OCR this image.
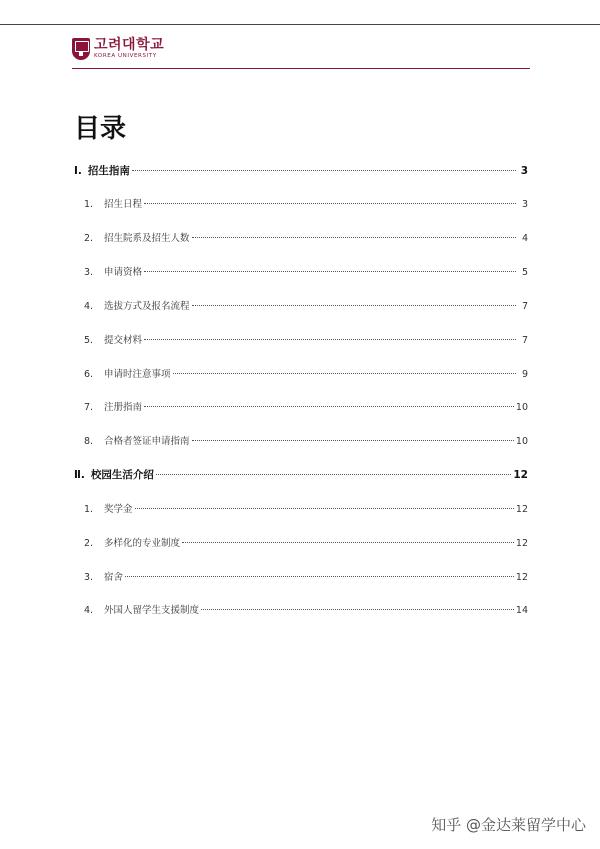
고려대학교
KOREA UNIVERSITY
目录
Ⅰ. 招生指南	3
1.	招生日程	3
2.	招生院系及招生人数	4
3.	申请资格	5
4.	选拔方式及报名流程	7
5.	提交材料	7
6.	申请时注意事项	9
7.	注册指南	10
8.	合格者签证申请指南	10
Ⅱ. 校园生活介绍	12
1.	奖学金	12
2.	多样化的专业制度	12
3.	宿舍	12
4.	外国人留学生支援制度	14
知乎 @金达莱留学中心
